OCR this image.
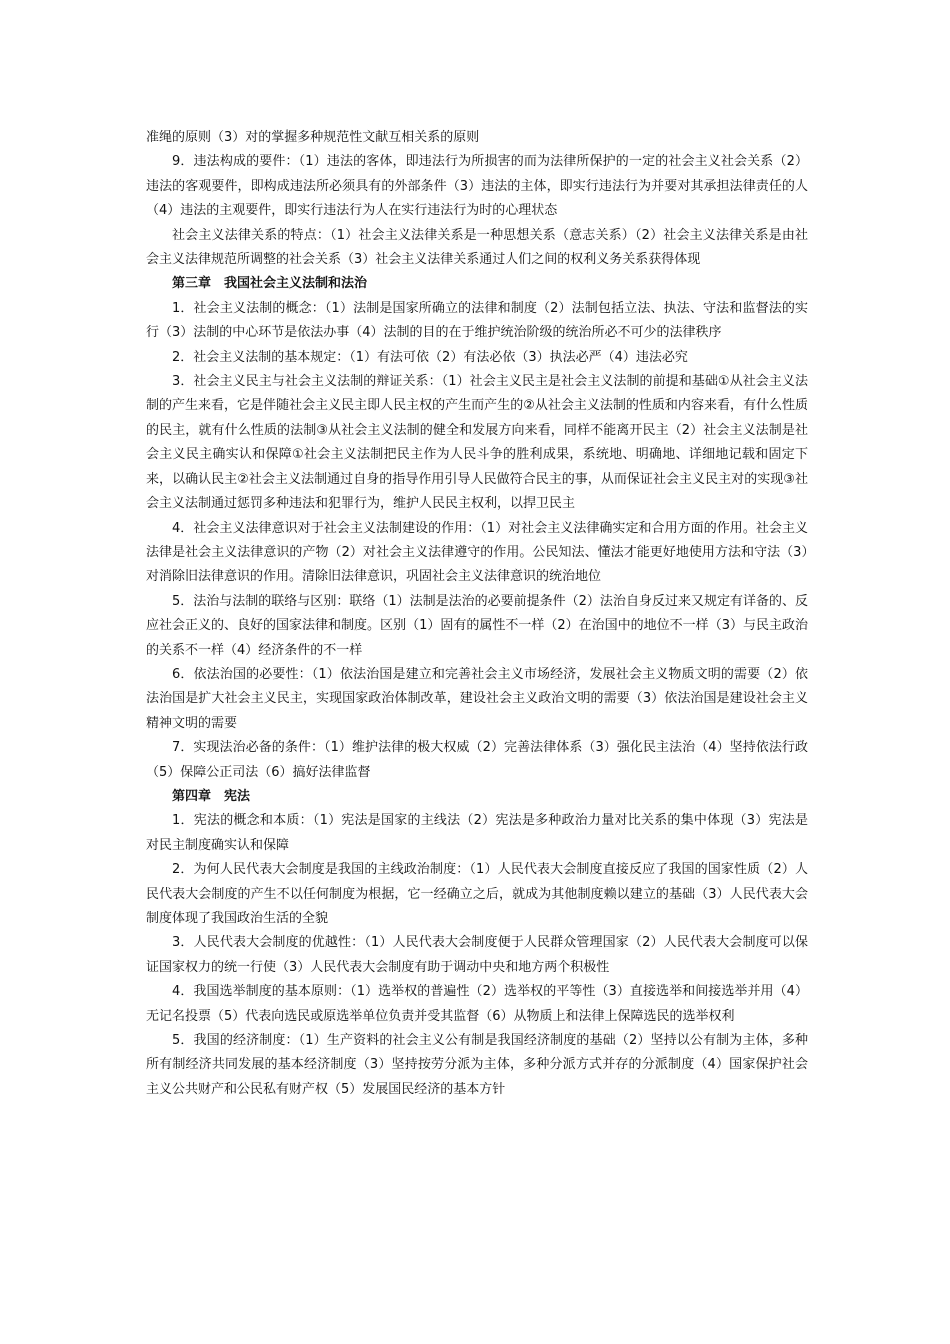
准绳的原则（3）对的掌握多种规范性文献互相关系的原则

9．违法构成的要件：（1）违法的客体，即违法行为所损害的而为法律所保护的一定的社会主义社会关系（2）违法的客观要件，即构成违法所必须具有的外部条件（3）违法的主体，即实行违法行为并要对其承担法律责任的人（4）违法的主观要件，即实行违法行为人在实行违法行为时的心理状态

社会主义法律关系的特点：（1）社会主义法律关系是一种思想关系（意志关系）（2）社会主义法律关系是由社会主义法律规范所调整的社会关系（3）社会主义法律关系通过人们之间的权利义务关系获得体现

第三章　我国社会主义法制和法治

1．社会主义法制的概念：（1）法制是国家所确立的法律和制度（2）法制包括立法、执法、守法和监督法的实行（3）法制的中心环节是依法办事（4）法制的目的在于维护统治阶级的统治所必不可少的法律秩序

2．社会主义法制的基本规定：（1）有法可依（2）有法必依（3）执法必严（4）违法必究

3．社会主义民主与社会主义法制的辩证关系：（1）社会主义民主是社会主义法制的前提和基础①从社会主义法制的产生来看，它是伴随社会主义民主即人民主权的产生而产生的②从社会主义法制的性质和内容来看，有什么性质的民主，就有什么性质的法制③从社会主义法制的健全和发展方向来看，同样不能离开民主（2）社会主义法制是社会主义民主确实认和保障①社会主义法制把民主作为人民斗争的胜利成果，系统地、明确地、详细地记载和固定下来，以确认民主②社会主义法制通过自身的指导作用引导人民做符合民主的事，从而保证社会主义民主对的实现③社会主义法制通过惩罚多种违法和犯罪行为，维护人民民主权利，以捍卫民主

4．社会主义法律意识对于社会主义法制建设的作用：（1）对社会主义法律确实定和合用方面的作用。社会主义法律是社会主义法律意识的产物（2）对社会主义法律遵守的作用。公民知法、懂法才能更好地使用方法和守法（3）对消除旧法律意识的作用。清除旧法律意识，巩固社会主义法律意识的统治地位

5．法治与法制的联络与区别：联络（1）法制是法治的必要前提条件（2）法治自身反过来又规定有详备的、反应社会正义的、良好的国家法律和制度。区别（1）固有的属性不一样（2）在治国中的地位不一样（3）与民主政治的关系不一样（4）经济条件的不一样

6．依法治国的必要性：（1）依法治国是建立和完善社会主义市场经济，发展社会主义物质文明的需要（2）依法治国是扩大社会主义民主，实现国家政治体制改革，建设社会主义政治文明的需要（3）依法治国是建设社会主义精神文明的需要

7．实现法治必备的条件：（1）维护法律的极大权威（2）完善法律体系（3）强化民主法治（4）坚持依法行政（5）保障公正司法（6）搞好法律监督

第四章　宪法

1．宪法的概念和本质：（1）宪法是国家的主线法（2）宪法是多种政治力量对比关系的集中体现（3）宪法是对民主制度确实认和保障

2．为何人民代表大会制度是我国的主线政治制度：（1）人民代表大会制度直接反应了我国的国家性质（2）人民代表大会制度的产生不以任何制度为根据，它一经确立之后，就成为其他制度赖以建立的基础（3）人民代表大会制度体现了我国政治生活的全貌

3．人民代表大会制度的优越性：（1）人民代表大会制度便于人民群众管理国家（2）人民代表大会制度可以保证国家权力的统一行使（3）人民代表大会制度有助于调动中央和地方两个积极性

4．我国选举制度的基本原则：（1）选举权的普遍性（2）选举权的平等性（3）直接选举和间接选举并用（4）无记名投票（5）代表向选民或原选举单位负责并受其监督（6）从物质上和法律上保障选民的选举权利

5．我国的经济制度：（1）生产资料的社会主义公有制是我国经济制度的基础（2）坚持以公有制为主体，多种所有制经济共同发展的基本经济制度（3）坚持按劳分派为主体，多种分派方式并存的分派制度（4）国家保护社会主义公共财产和公民私有财产权（5）发展国民经济的基本方针
